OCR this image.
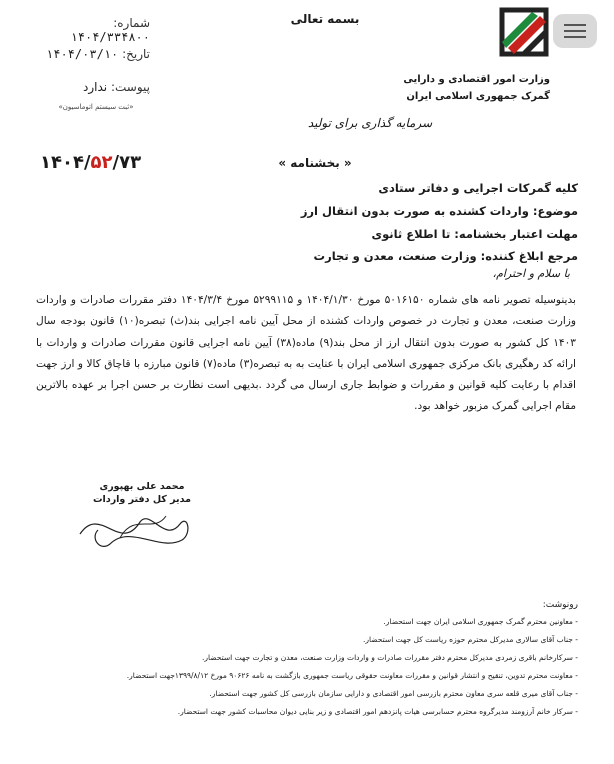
بسمه تعالی
شماره: ۱۴۰۴/۳۳۴۸۰۰
تاریخ: ۱۴۰۴/۰۳/۱۰
پیوست: ندارد
«ثبت سیستم اتوماسیون»
وزارت امور اقتصادی و دارایی
گمرک جمهوری اسلامی ایران
سرمایه گذاری برای تولید
۱۴۰۴/۵۲/۷۳	« بخشنامه »
کلیه گمرکات اجرایی و دفاتر ستادی
موضوع: واردات کشنده به صورت بدون انتقال ارز
مهلت اعتبار بخشنامه: تا اطلاع ثانوی
مرجع ابلاغ کننده: وزارت صنعت، معدن و تجارت
با سلام و احترام،
بدینوسیله تصویر نامه های شماره ۵۰۱۶۱۵۰ مورخ ۱۴۰۴/۱/۳۰ و ۵۲۹۹۱۱۵ مورخ ۱۴۰۴/۳/۴ دفتر مقررات صادرات و واردات وزارت صنعت، معدن و تجارت در خصوص واردات کشنده از محل آیین نامه اجرایی بند(ث) تبصره(۱۰) قانون بودجه سال ۱۴۰۳ کل کشور به صورت بدون انتقال ارز از محل بند(۹) ماده(۳۸) آیین نامه اجرایی قانون مقررات صادرات و واردات با ارائه کد رهگیری بانک مرکزی جمهوری اسلامی ایران با عنایت به به تبصره(۳) ماده(۷) قانون مبارزه با قاچاق کالا و ارز جهت اقدام با رعایت کلیه قوانین و مقررات و ضوابط جاری ارسال می گردد .بدیهی است نظارت بر حسن اجرا بر عهده بالاترین مقام اجرایی گمرک مزبور خواهد بود.
محمد علی بهپوری
مدیر کل دفتر واردات
رونوشت:
- معاونین محترم گمرک جمهوری اسلامی ایران جهت استحضار.
- جناب آقای سالاری مدیرکل محترم حوزه ریاست کل جهت استحضار.
- سرکارخانم باقری زمردی مدیرکل محترم دفتر مقررات صادرات و واردات وزارت صنعت، معدن و تجارت جهت استحضار.
- معاونت محترم تدوین، تنقیح و انتشار قوانین و مقررات معاونت حقوقی ریاست جمهوری بازگشت به نامه ۹۰۶۲۶ مورخ ۱۳۹۹/۸/۱۲جهت استحضار.
- جناب آقای میری قلعه سری معاون محترم بازرسی امور اقتصادی و دارایی سازمان بازرسی کل کشور جهت استحضار.
- سرکار خانم آرزومند مدیرگروه محترم حسابرسی هیات پانزدهم امور اقتصادی و زیر بنایی دیوان محاسبات کشور جهت استحضار.
